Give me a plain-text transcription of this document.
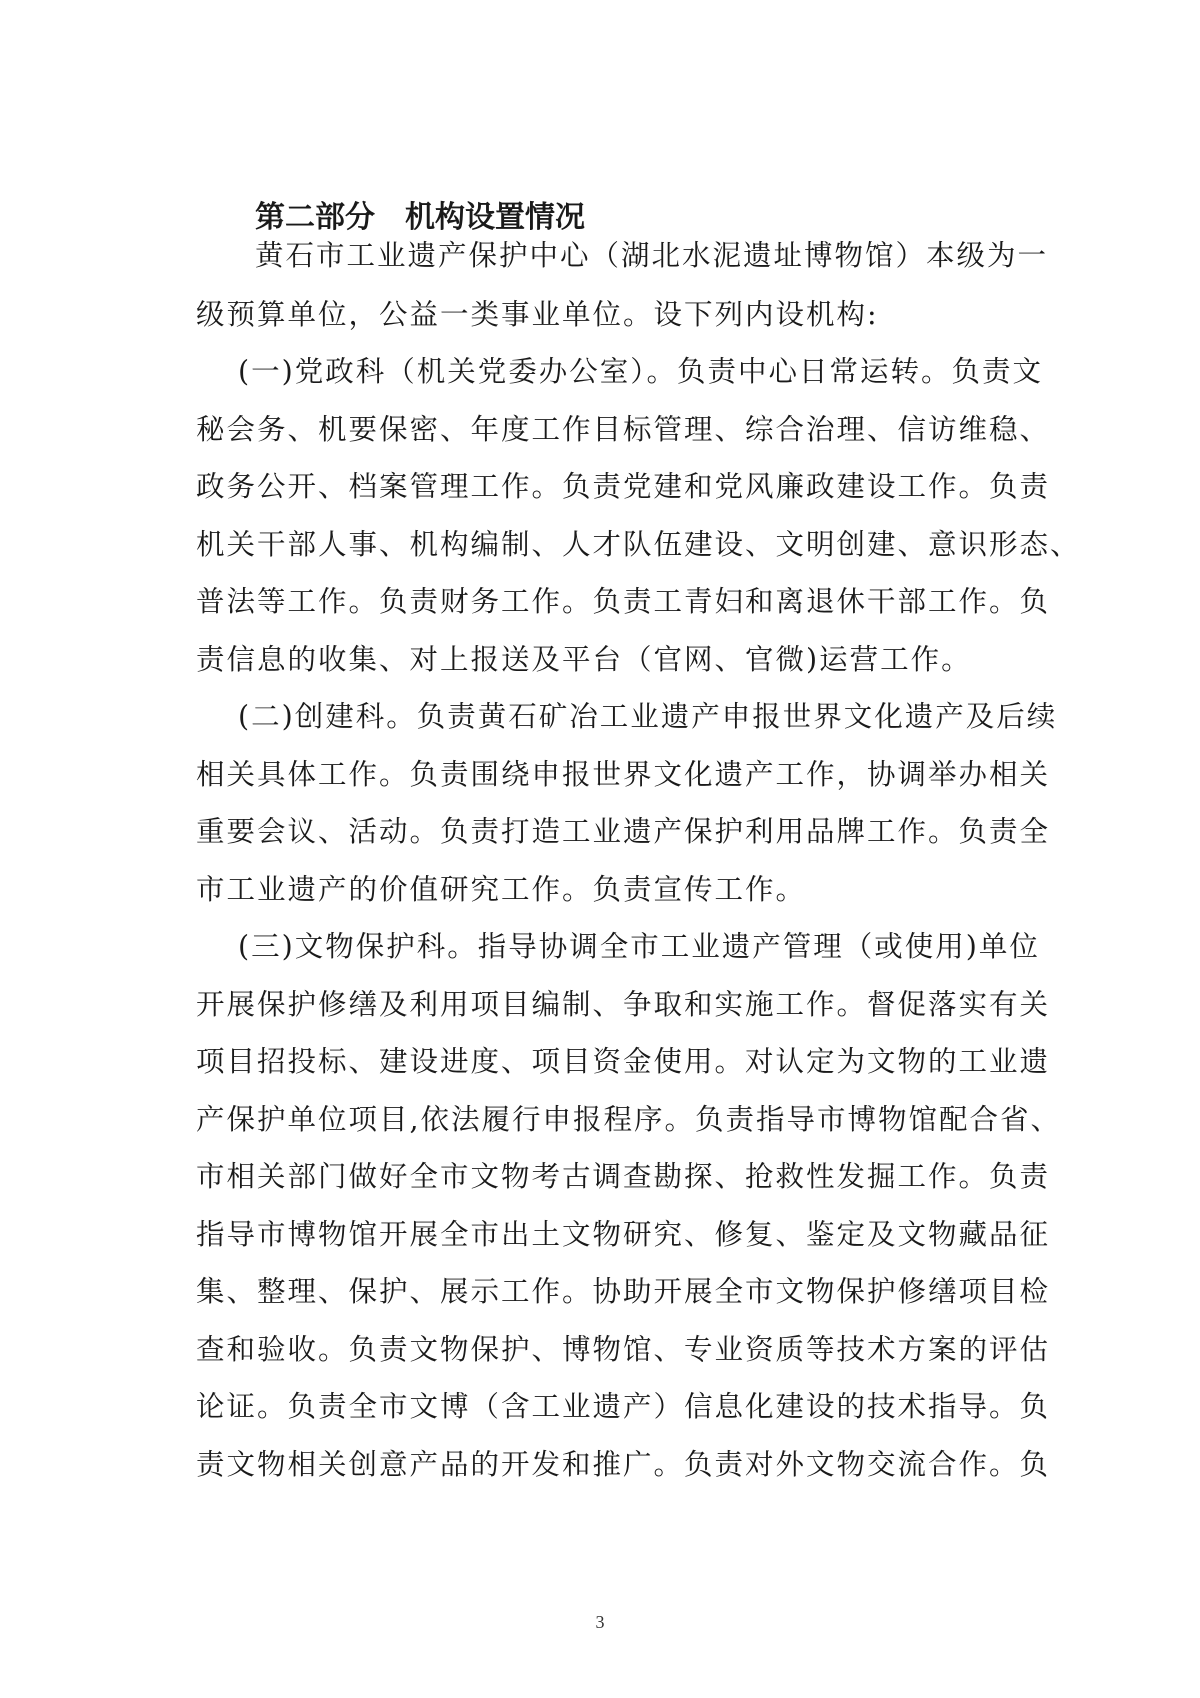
第二部分　机构设置情况
黄石市工业遗产保护中心（湖北水泥遗址博物馆）本级为一
级预算单位，公益一类事业单位。设下列内设机构:
(一)党政科（机关党委办公室）。负责中心日常运转。负责文
秘会务、机要保密、年度工作目标管理、综合治理、信访维稳、
政务公开、档案管理工作。负责党建和党风廉政建设工作。负责
机关干部人事、机构编制、人才队伍建设、文明创建、意识形态、
普法等工作。负责财务工作。负责工青妇和离退休干部工作。负
责信息的收集、对上报送及平台（官网、官微)运营工作。
(二)创建科。负责黄石矿冶工业遗产申报世界文化遗产及后续
相关具体工作。负责围绕申报世界文化遗产工作，协调举办相关
重要会议、活动。负责打造工业遗产保护利用品牌工作。负责全
市工业遗产的价值研究工作。负责宣传工作。
(三)文物保护科。指导协调全市工业遗产管理（或使用)单位
开展保护修缮及利用项目编制、争取和实施工作。督促落实有关
项目招投标、建设进度、项目资金使用。对认定为文物的工业遗
产保护单位项目,依法履行申报程序。负责指导市博物馆配合省、
市相关部门做好全市文物考古调查勘探、抢救性发掘工作。负责
指导市博物馆开展全市出土文物研究、修复、鉴定及文物藏品征
集、整理、保护、展示工作。协助开展全市文物保护修缮项目检
查和验收。负责文物保护、博物馆、专业资质等技术方案的评估
论证。负责全市文博（含工业遗产）信息化建设的技术指导。负
责文物相关创意产品的开发和推广。负责对外文物交流合作。负
3
